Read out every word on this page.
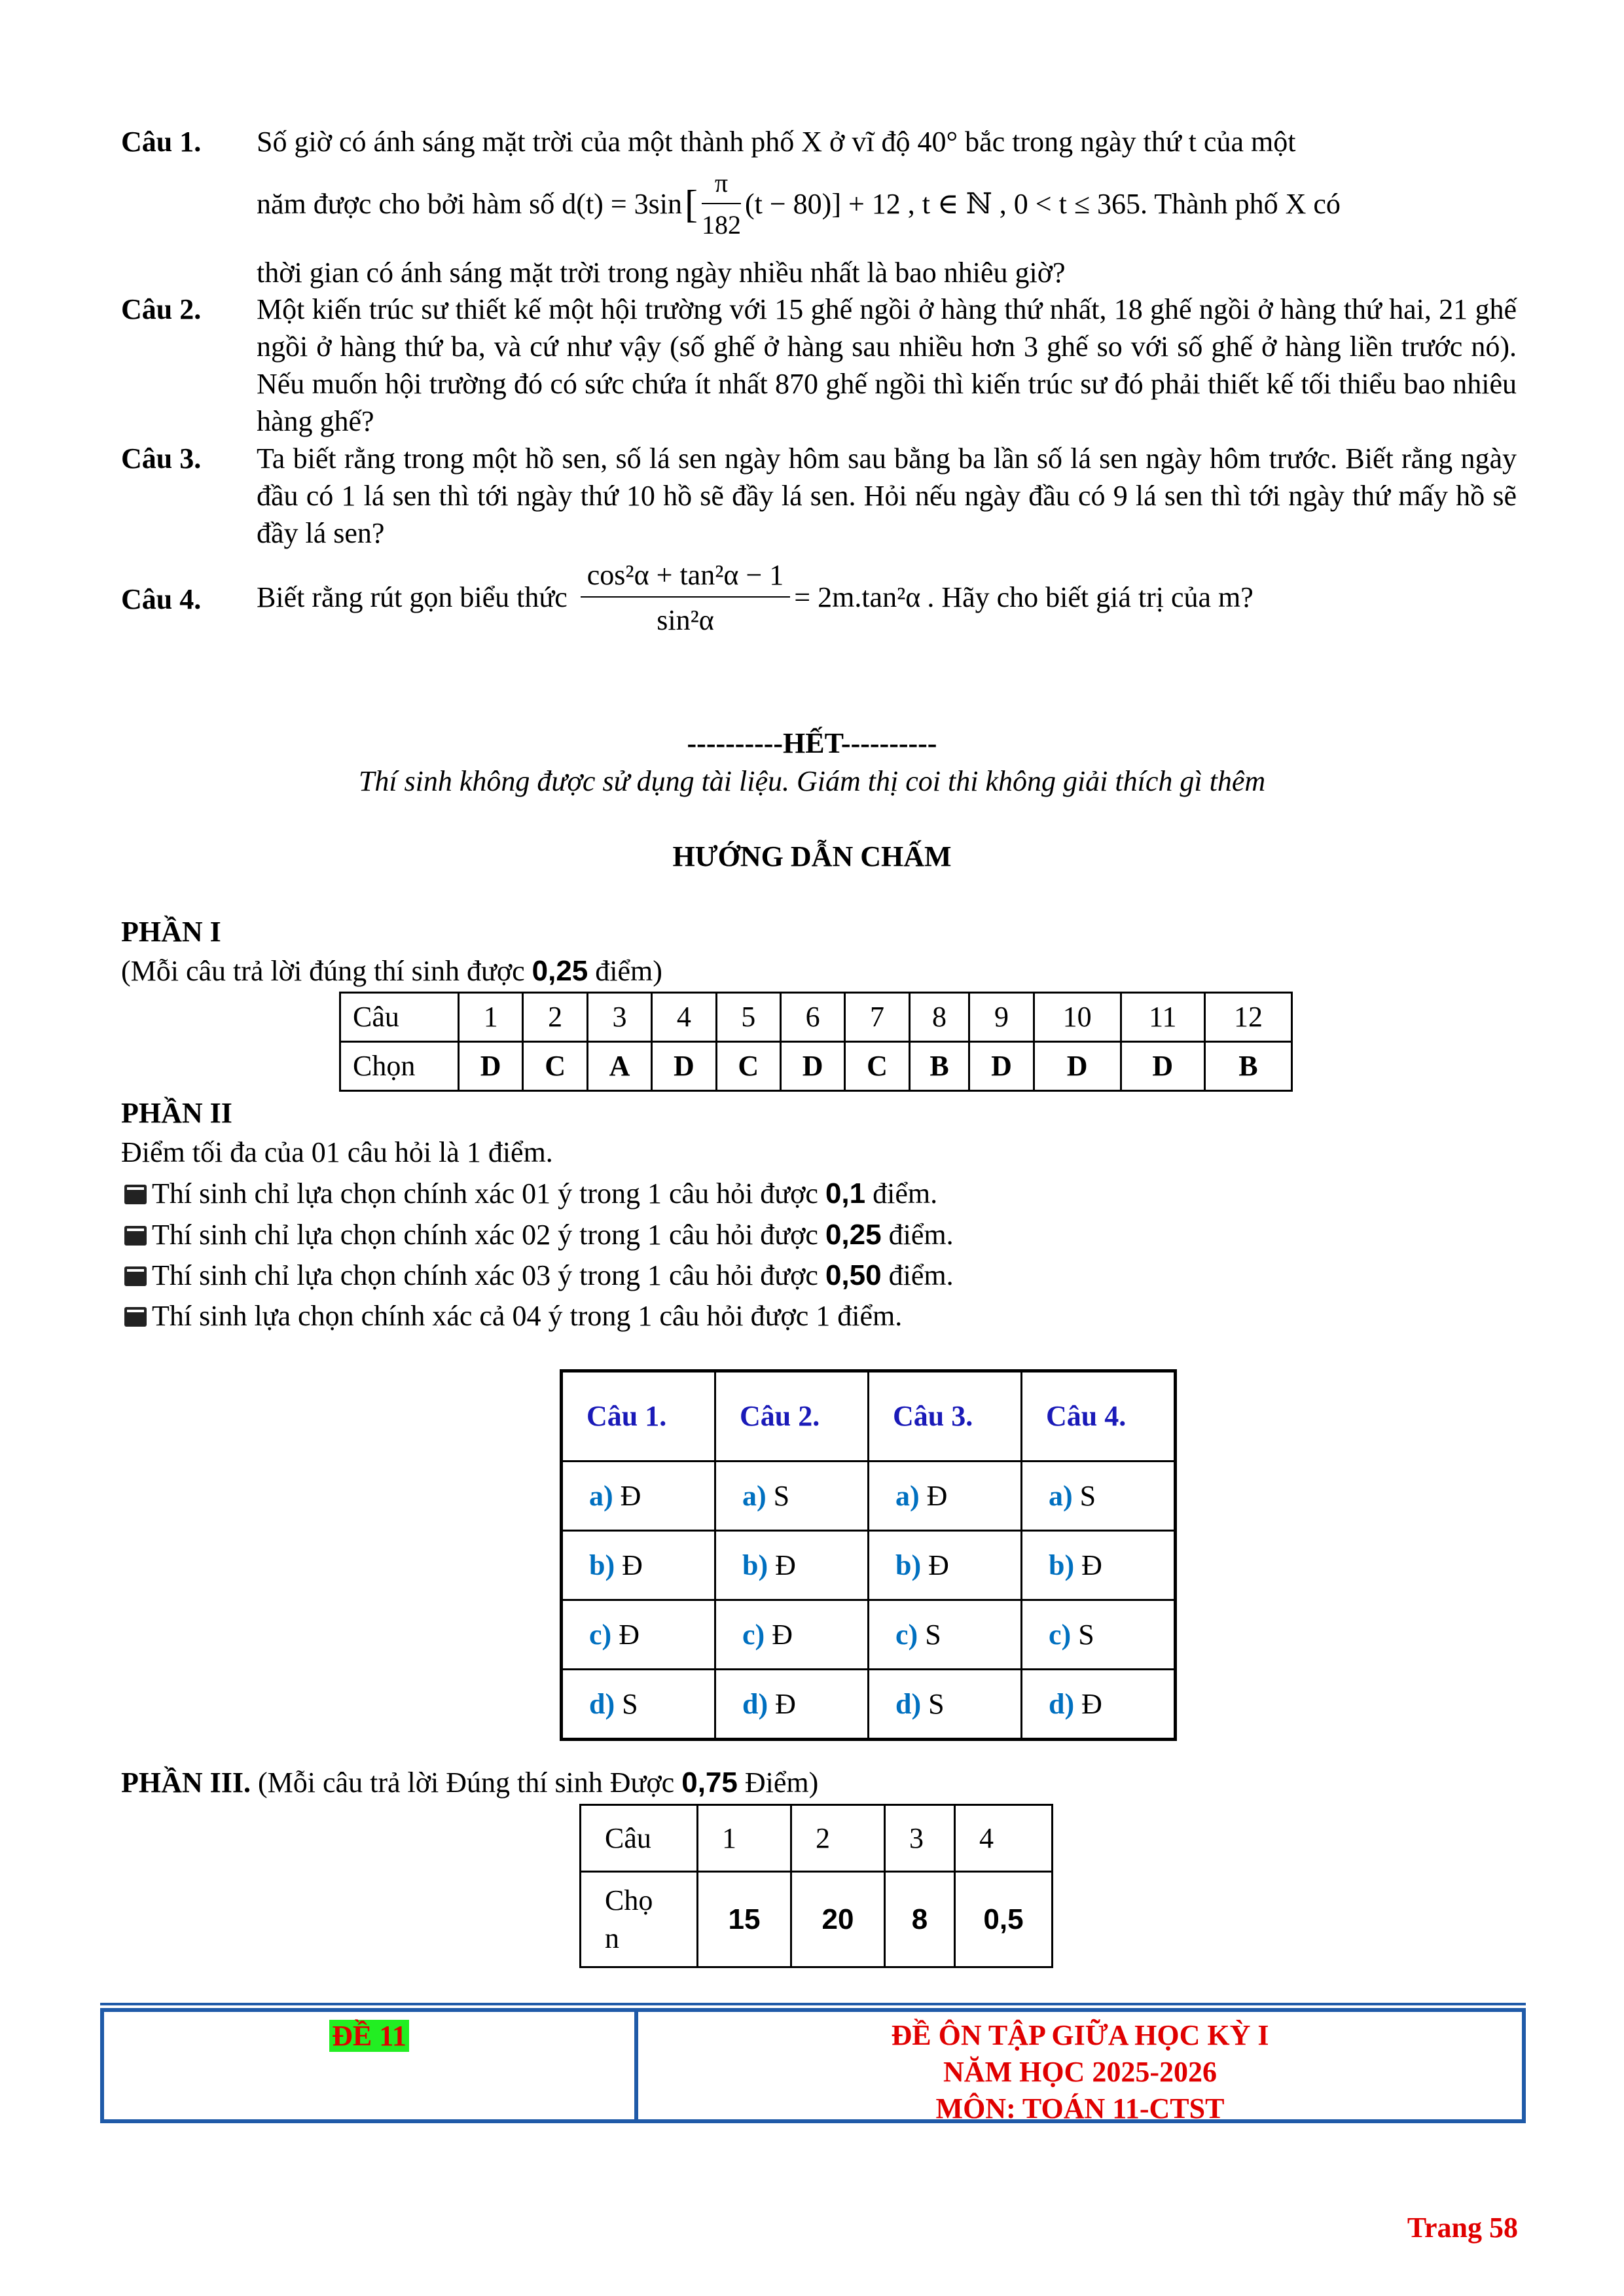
Câu 1. Số giờ có ánh sáng mặt trời của một thành phố X ở vĩ độ 40° bắc trong ngày thứ t của một
năm được cho bởi hàm số
d(t) = 3sin [ $\frac{\pi}{182} (t - 80)] + 12$ , t ∈ ℕ , 0 < t ≤ 365 . Thành phố X có
thời gian có ánh sáng mặt trời trong ngày nhiều nhất là bao nhiêu giờ?
Câu 2. Một kiến trúc sư thiết kế một hội trường với 15 ghế ngồi ở hàng thứ nhất, 18 ghế ngồi ở hàng thứ hai, 21 ghế ngồi ở hàng thứ ba, và cứ như vậy (số ghế ở hàng sau nhiều hơn 3 ghế so với số ghế ở hàng liền trước nó). Nếu muốn hội trường đó có sức chứa ít nhất 870 ghế ngồi thì kiến trúc sư đó phải thiết kế tối thiểu bao nhiêu hàng ghế?
Câu 3. Ta biết rằng trong một hồ sen, số lá sen ngày hôm sau bằng ba lần số lá sen ngày hôm trước. Biết rằng ngày đầu có 1 lá sen thì tới ngày thứ 10 hồ sẽ đầy lá sen. Hỏi nếu ngày đầu có 9 lá sen thì tới ngày thứ mấy hồ sẽ đầy lá sen?
Câu 4. Biết rằng rút gọn biểu thức $\frac{\text{cos²α + tan²α − 1}}{\text{sin²α}} = 2m.\tan^2\alpha$ . Hãy cho biết giá trị của m?
----------HẾT----------
Thí sinh không được sử dụng tài liệu. Giám thị coi thi không giải thích gì thêm
HƯỚNG DẪN CHẤM
PHẦN I
(Mỗi câu trả lời đúng thí sinh được 0,25 điểm)
Câu	1	2	3	4	5	6	7	8	9	10	11	12
Chọn	D	C	A	D	C	D	C	B	D	D	D	B
PHẦN II
Điểm tối đa của 01 câu hỏi là 1 điểm.
Thí sinh chỉ lựa chọn chính xác 01 ý trong 1 câu hỏi được 0,1 điểm.
Thí sinh chỉ lựa chọn chính xác 02 ý trong 1 câu hỏi được 0,25 điểm.
Thí sinh chỉ lựa chọn chính xác 03 ý trong 1 câu hỏi được 0,50 điểm.
Thí sinh lựa chọn chính xác cả 04 ý trong 1 câu hỏi được 1 điểm.
Câu 1.	Câu 2.	Câu 3.	Câu 4.
a) Đ	a) S	a) Đ	a) S
b) Đ	b) Đ	b) Đ	b) Đ
c) Đ	c) Đ	c) S	c) S
d) S	d) Đ	d) S	d) Đ
PHẦN III. (Mỗi câu trả lời Đúng thí sinh Được 0,75 Điểm)
Câu	1	2	3	4
Chọ n	15	20	8	0,5
ĐỀ 11	ĐỀ ÔN TẬP GIỮA HỌC KỲ I
NĂM HỌC 2025-2026
MÔN: TOÁN 11-CTST
Trang 58
